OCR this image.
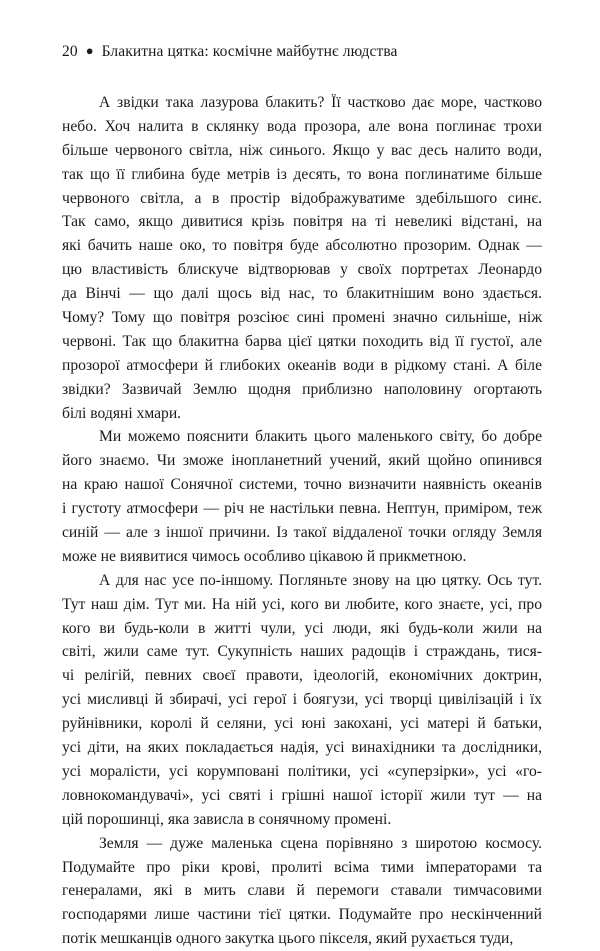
20 ● Блакитна цятка: космічне майбутнє людства
А звідки така лазурова блакить? Її частково дає море, частково
небо. Хоч налита в склянку вода прозора, але вона поглинає трохи
більше червоного світла, ніж синього. Якщо у вас десь налито води,
так що її глибина буде метрів із десять, то вона поглинатиме більше
червоного світла, а в простір відображуватиме здебільшого синє.
Так само, якщо дивитися крізь повітря на ті невеликі відстані, на
які бачить наше око, то повітря буде абсолютно прозорим. Однак —
цю властивість блискуче відтворював у своїх портретах Леонардо
да Вінчі — що далі щось від нас, то блакитнішим воно здається.
Чому? Тому що повітря розсіює сині промені значно сильніше, ніж
червоні. Так що блакитна барва цієї цятки походить від її густої, але
прозорої атмосфери й глибоких океанів води в рідкому стані. А біле
звідки? Зазвичай Землю щодня приблизно наполовину огортають
білі водяні хмари.
Ми можемо пояснити блакить цього маленького світу, бо добре
його знаємо. Чи зможе інопланетний учений, який щойно опинився
на краю нашої Сонячної системи, точно визначити наявність океанів
і густоту атмосфери — річ не настільки певна. Нептун, приміром, теж
синій — але з іншої причини. Із такої віддаленої точки огляду Земля
може не виявитися чимось особливо цікавою й прикметною.
А для нас усе по-іншому. Погляньте знову на цю цятку. Ось тут.
Тут наш дім. Тут ми. На ній усі, кого ви любите, кого знаєте, усі, про
кого ви будь-коли в житті чули, усі люди, які будь-коли жили на
світі, жили саме тут. Сукупність наших радощів і страждань, тися-
чі релігій, певних своєї правоти, ідеологій, економічних доктрин,
усі мисливці й збирачі, усі герої і боягузи, усі творці цивілізацій і їх
руйнівники, королі й селяни, усі юні закохані, усі матері й батьки,
усі діти, на яких покладається надія, усі винахідники та дослідники,
усі моралісти, усі корумповані політики, усі «суперзірки», усі «го-
ловнокомандувачі», усі святі і грішні нашої історії жили тут — на
цій порошинці, яка зависла в сонячному промені.
Земля — дуже маленька сцена порівняно з широтою космосу.
Подумайте про ріки крові, пролиті всіма тими імператорами та
генералами, які в мить слави й перемоги ставали тимчасовими
господарями лише частини тієї цятки. Подумайте про нескінченний
потік мешканців одного закутка цього пікселя, який рухається туди,
